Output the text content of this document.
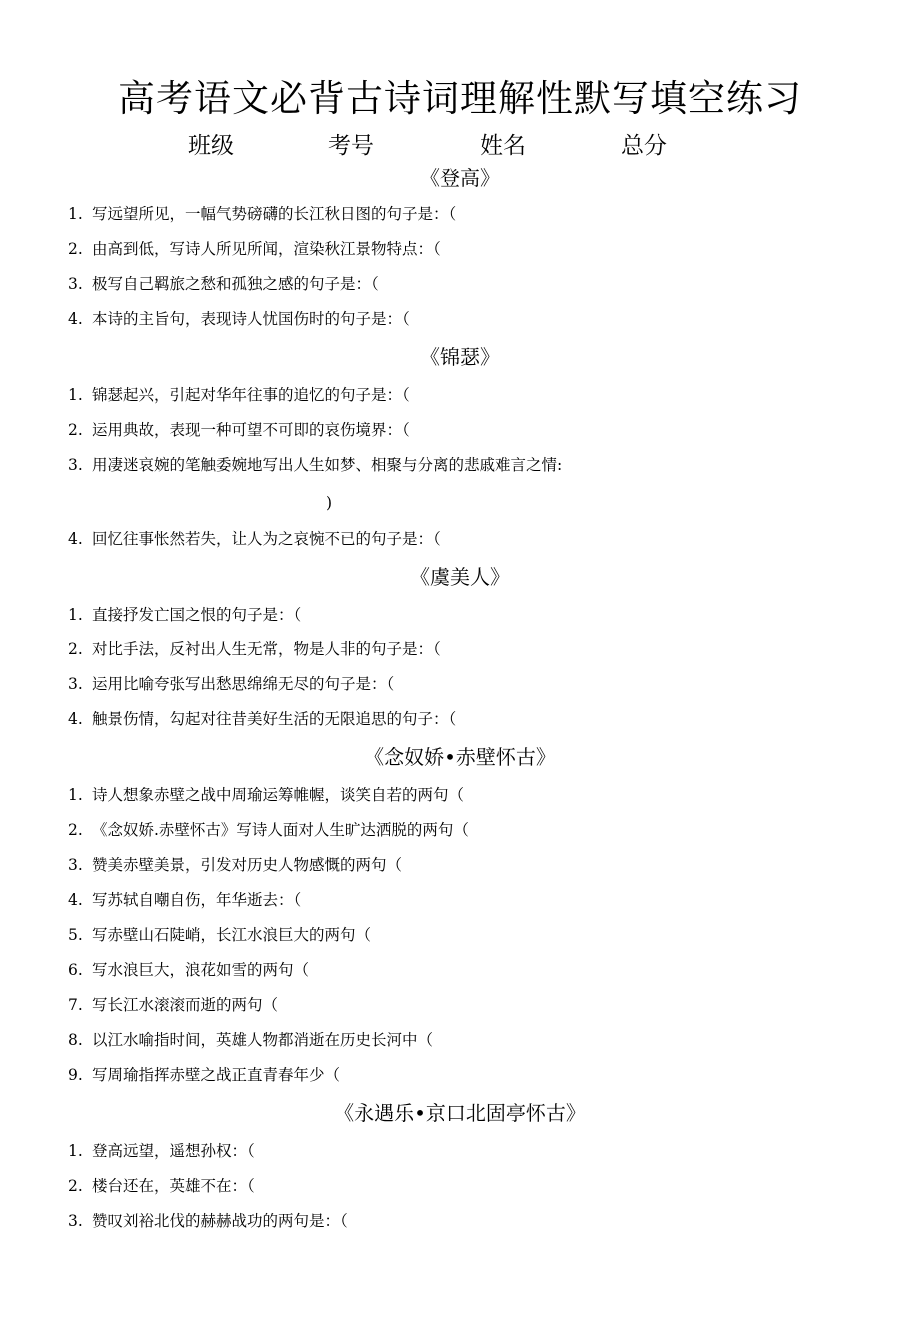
高考语文必背古诗词理解性默写填空练习
班级	考号	姓名	总分
《登高》
1. 写远望所见，一幅气势磅礴的长江秋日图的句子是：（
2. 由高到低，写诗人所见所闻，渲染秋江景物特点：（
3. 极写自己羁旅之愁和孤独之感的句子是：（
4. 本诗的主旨句，表现诗人忧国伤时的句子是：（
《锦瑟》
1. 锦瑟起兴，引起对华年往事的追忆的句子是：（
2. 运用典故，表现一种可望不可即的哀伤境界：（
3. 用凄迷哀婉的笔触委婉地写出人生如梦、相聚与分离的悲戚难言之情:
)
4. 回忆往事怅然若失，让人为之哀惋不已的句子是：（
《虞美人》
1. 直接抒发亡国之恨的句子是：（
2. 对比手法，反衬出人生无常，物是人非的句子是：（
3. 运用比喻夸张写出愁思绵绵无尽的句子是：（
4. 触景伤情，勾起对往昔美好生活的无限追思的句子：（
《念奴娇•赤壁怀古》
1. 诗人想象赤壁之战中周瑜运筹帷幄，谈笑自若的两句（
2. 《念奴娇.赤壁怀古》写诗人面对人生旷达洒脱的两句（
3. 赞美赤壁美景，引发对历史人物感慨的两句（
4. 写苏轼自嘲自伤，年华逝去：（
5. 写赤壁山石陡峭，长江水浪巨大的两句（
6. 写水浪巨大，浪花如雪的两句（
7. 写长江水滚滚而逝的两句（
8. 以江水喻指时间，英雄人物都消逝在历史长河中（
9. 写周瑜指挥赤壁之战正直青春年少（
《永遇乐•京口北固亭怀古》
1. 登高远望，遥想孙权：（
2. 楼台还在，英雄不在：（
3. 赞叹刘裕北伐的赫赫战功的两句是：（
